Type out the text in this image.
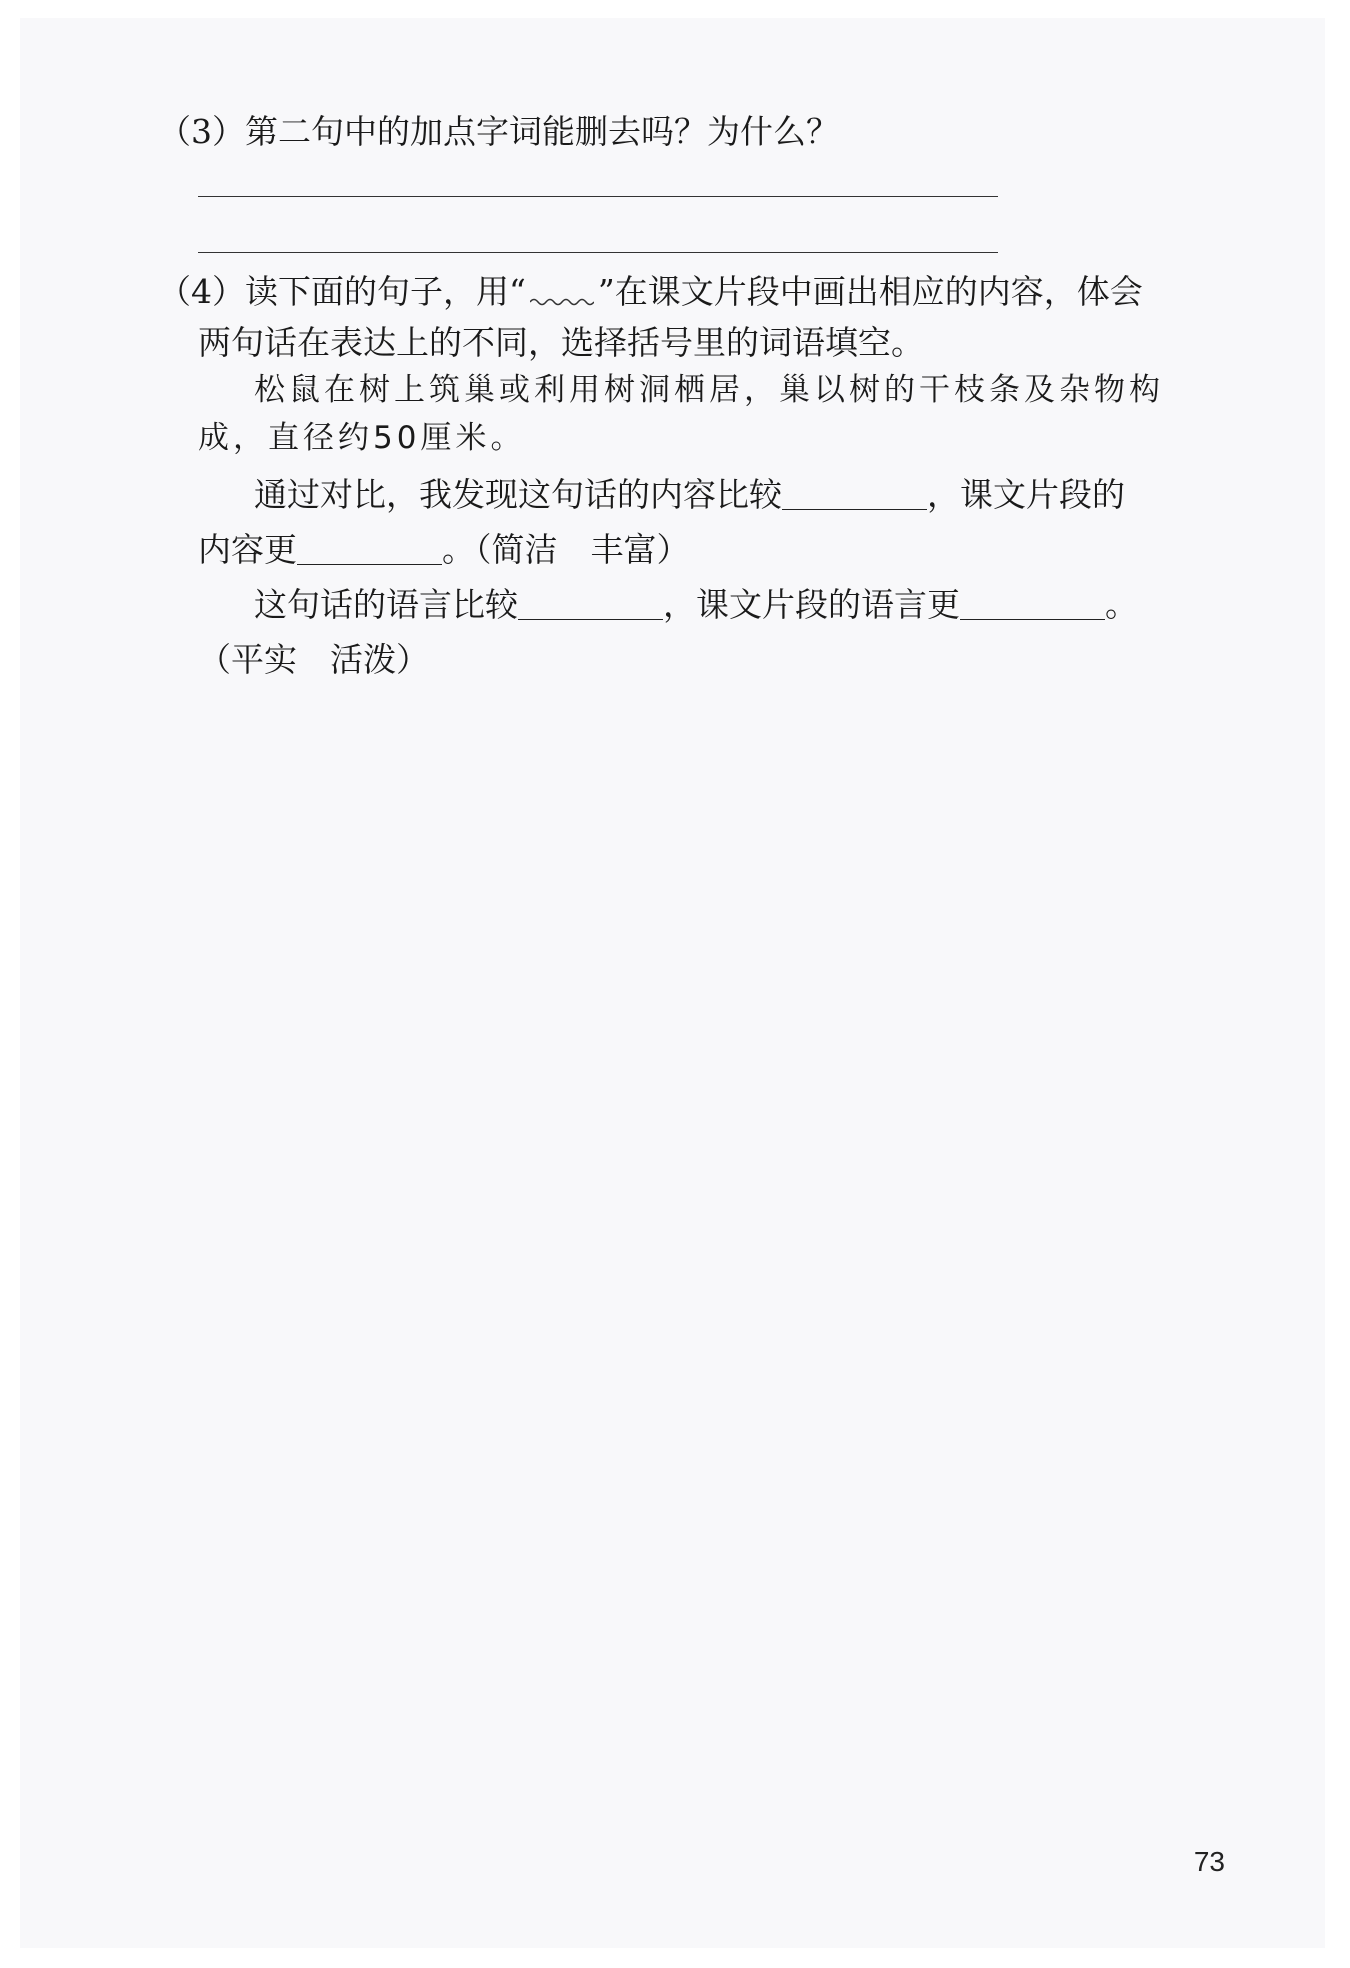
（3）第二句中的加点字词能删去吗？为什么？
（4）读下面的句子，用“ ”在课文片段中画出相应的内容，体会
两句话在表达上的不同，选择括号里的词语填空。
松鼠在树上筑巢或利用树洞栖居，巢以树的干枝条及杂物构
成，直径约50厘米。
通过对比，我发现这句话的内容比较	，课文片段的
内容更	。（简洁　丰富）
这句话的语言比较	，课文片段的语言更	。
（平实　活泼）
73
